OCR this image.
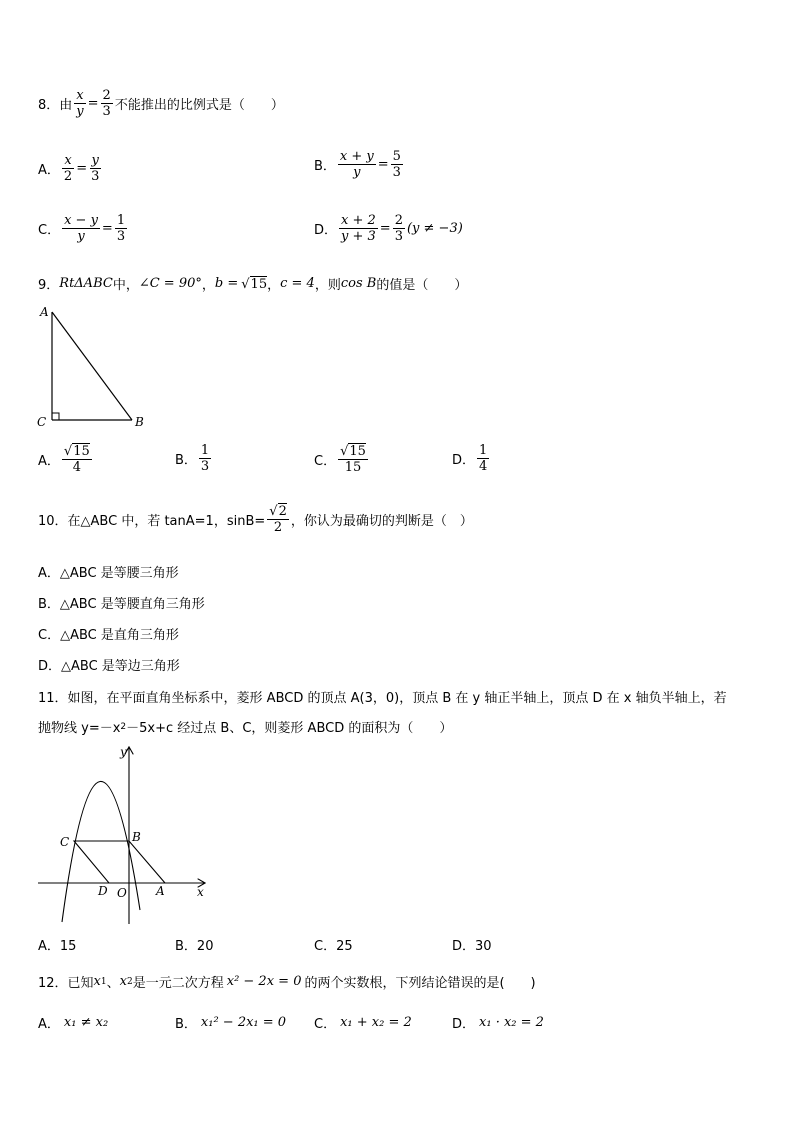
8．由 $\frac{x}{y} = \frac{2}{3}$ 不能推出的比例式是（　　）
A． $\frac{x}{2} = \frac{y}{3}$	B． $\frac{x + y}{y} = \frac{5}{3}$
C． $\frac{x - y}{y} = \frac{1}{3}$	D． $\frac{x + 2}{y + 3} = \frac{2}{3} (y \ne -3)$
9． RtΔABC 中， ∠C = 90° ， b = √15 ， c = 4 ，则 cos B 的值是（　　）
A
C	B
A． $\frac{√15}{4}$	B． $\frac{1}{3}$	C． $\frac{√15}{15}$	D． $\frac{1}{4}$
10．在△ABC 中，若 tanA=1，$\sin B= \frac{√2}{2}$ ，你认为最确切的判断是（　）
A．△ABC 是等腰三角形
B．△ABC 是等腰直角三角形
C．△ABC 是直角三角形
D．△ABC 是等边三角形
11．如图，在平面直角坐标系中，菱形 ABCD 的顶点 A(3，0)，顶点 B 在 y 轴正半轴上，顶点 D 在 x 轴负半轴上，若
抛物线 y=－x 2 －5x+c 经过点 B、C，则菱形 ABCD 的面积为（　　）
y
x
C	B
D O A
A．15	B．20	C．25	D．30
12．已知 x 1 、 x 2 是一元二次方程 x² − 2x = 0 的两个实数根，下列结论错误的是(　　)
A． x₁ ≠ x₂	B． x₁² − 2x₁ = 0 C． x₁ + x₂ = 2	D． x₁ · x₂ = 2
